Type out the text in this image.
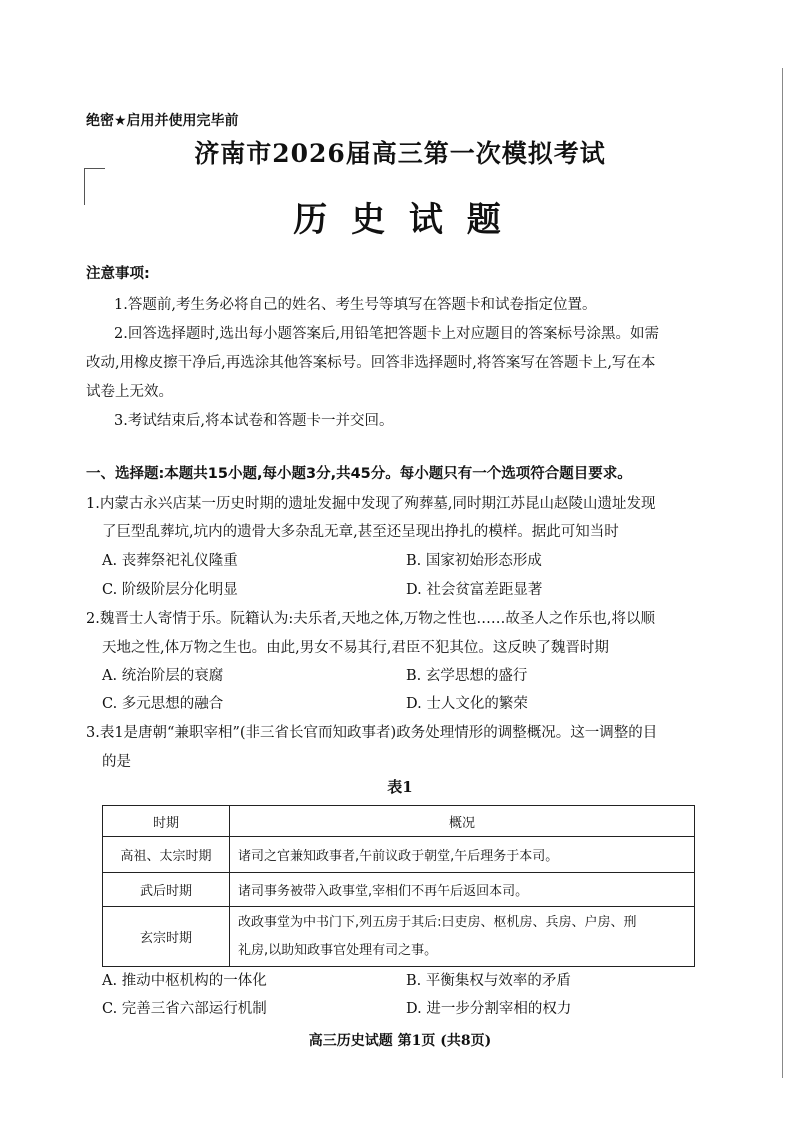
绝密★启用并使用完毕前
济南市2026届高三第一次模拟考试
历 史 试 题
注意事项:
1.答题前,考生务必将自己的姓名、考生号等填写在答题卡和试卷指定位置。
2.回答选择题时,选出每小题答案后,用铅笔把答题卡上对应题目的答案标号涂黑。如需
改动,用橡皮擦干净后,再选涂其他答案标号。回答非选择题时,将答案写在答题卡上,写在本
试卷上无效。
3.考试结束后,将本试卷和答题卡一并交回。
一、选择题:本题共15小题,每小题3分,共45分。每小题只有一个选项符合题目要求。
1.内蒙古永兴店某一历史时期的遗址发掘中发现了殉葬墓,同时期江苏昆山赵陵山遗址发现
了巨型乱葬坑,坑内的遗骨大多杂乱无章,甚至还呈现出挣扎的模样。据此可知当时
A. 丧葬祭祀礼仪隆重	B. 国家初始形态形成
C. 阶级阶层分化明显	D. 社会贫富差距显著
2.魏晋士人寄情于乐。阮籍认为:夫乐者,天地之体,万物之性也……故圣人之作乐也,将以顺
天地之性,体万物之生也。由此,男女不易其行,君臣不犯其位。这反映了魏晋时期
A. 统治阶层的衰腐	B. 玄学思想的盛行
C. 多元思想的融合	D. 士人文化的繁荣
3.表1是唐朝“兼职宰相”(非三省长官而知政事者)政务处理情形的调整概况。这一调整的目
的是
表1
时期	概况
高祖、太宗时期	诸司之官兼知政事者,午前议政于朝堂,午后理务于本司。
武后时期	诸司事务被带入政事堂,宰相们不再午后返回本司。
玄宗时期	改政事堂为中书门下,列五房于其后:曰吏房、枢机房、兵房、户房、刑
礼房,以助知政事官处理有司之事。
A. 推动中枢机构的一体化	B. 平衡集权与效率的矛盾
高三历史试题 第1页 (共8页)
C. 完善三省六部运行机制	D. 进一步分割宰相的权力
